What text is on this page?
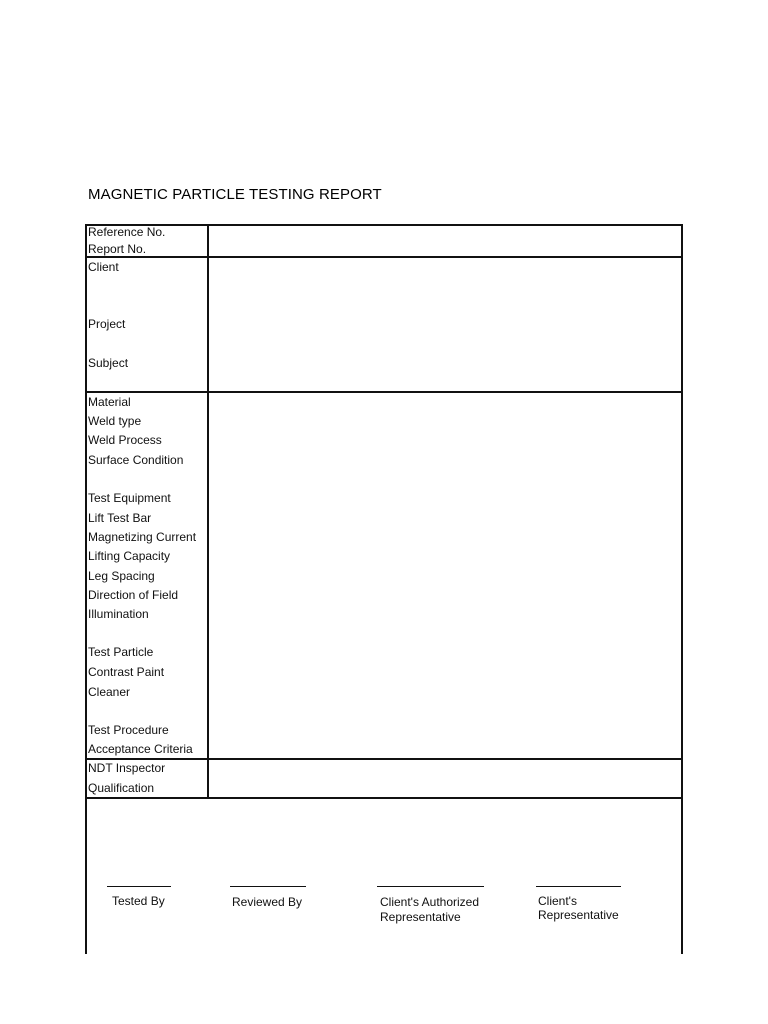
MAGNETIC PARTICLE TESTING REPORT
Reference No.
Report No.
Client
Project
Subject
Material
Weld type
Weld Process
Surface Condition
Test Equipment
Lift Test Bar
Magnetizing Current
Lifting Capacity
Leg Spacing
Direction of Field
Illumination
Test Particle
Contrast Paint
Cleaner
Test Procedure
Acceptance Criteria
NDT Inspector
Qualification
Tested By	Reviewed By	Client's Authorized
Representative
Client's
Representative
